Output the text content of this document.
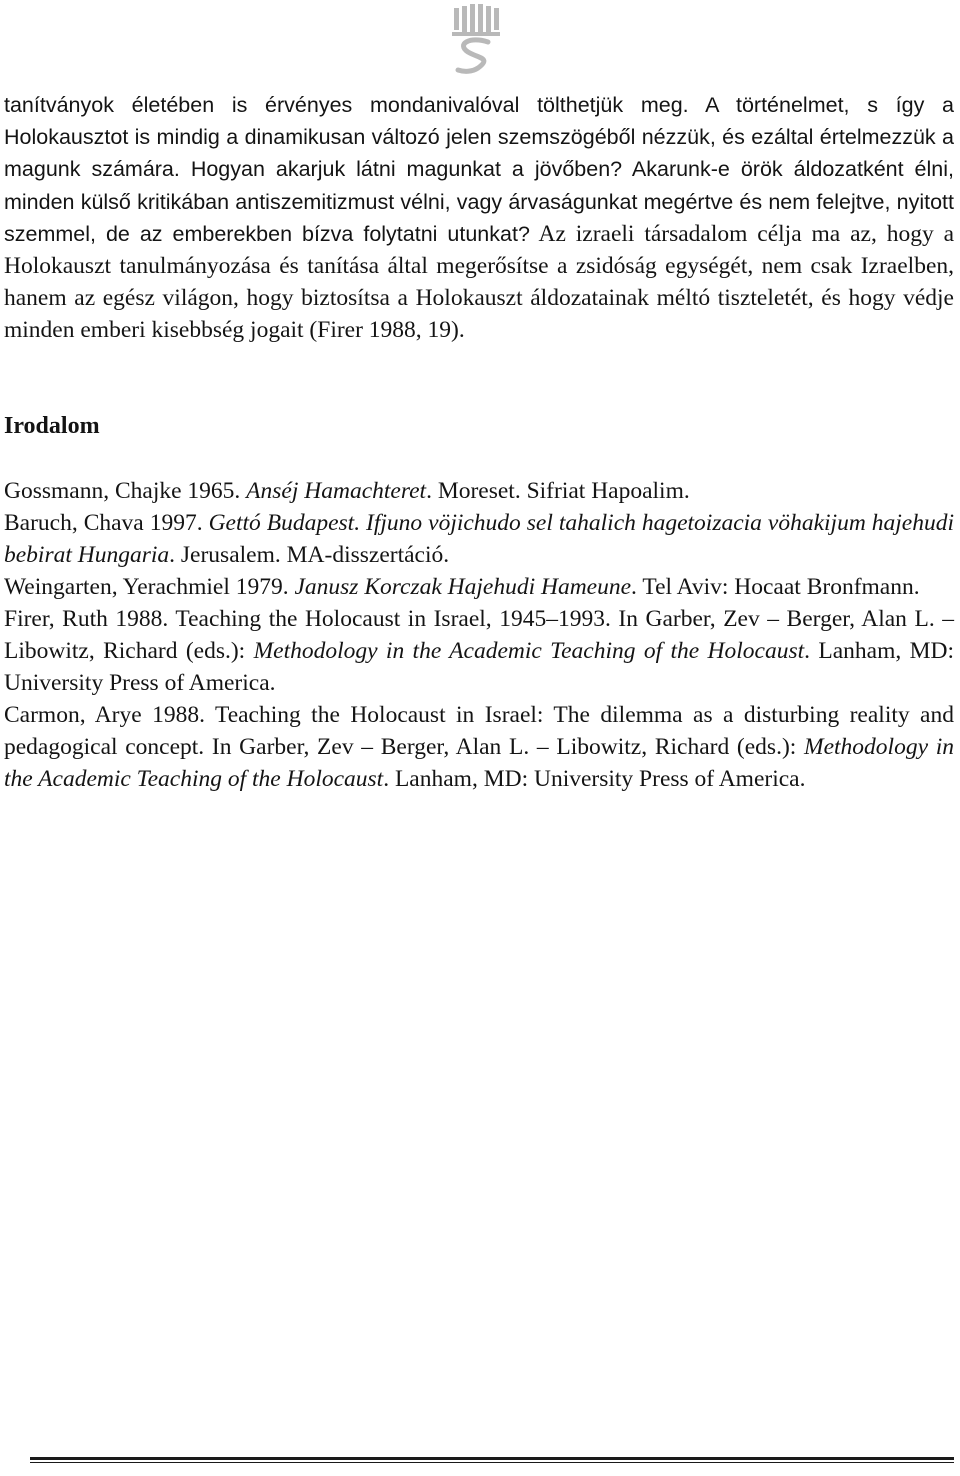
tanítványok életében is érvényes mondanivalóval tölthetjük meg. A történelmet, s így a Holokausztot is mindig a dinamikusan változó jelen szemszögéből nézzük, és ezáltal értelmezzük a magunk számára. Hogyan akarjuk látni magunkat a jövőben? Akarunk-e örök áldozatként élni, minden külső kritikában antiszemitizmust vélni, vagy árvaságunkat megértve és nem felejtve, nyitott szemmel, de az emberekben bízva folytatni utunkat? Az izraeli társadalom célja ma az, hogy a Holokauszt tanulmányozása és tanítása által megerősítse a zsidóság egységét, nem csak Izraelben, hanem az egész világon, hogy biztosítsa a Holokauszt áldozatainak méltó tiszteletét, és hogy védje minden emberi kisebbség jogait (Firer 1988, 19).

Irodalom

Gossmann, Chajke 1965. Anséj Hamachteret. Moreset. Sifriat Hapoalim.

Baruch, Chava 1997. Gettó Budapest. Ifjuno vöjichudo sel tahalich hagetoizacia vöhakijum hajehudi bebirat Hungaria. Jerusalem. MA-disszertáció.

Weingarten, Yerachmiel 1979. Janusz Korczak Hajehudi Hameune. Tel Aviv: Hocaat Bronfmann.

Firer, Ruth 1988. Teaching the Holocaust in Israel, 1945–1993. In Garber, Zev – Berger, Alan L. – Libowitz, Richard (eds.): Methodology in the Academic Teaching of the Holocaust. Lanham, MD: University Press of America.

Carmon, Arye 1988. Teaching the Holocaust in Israel: The dilemma as a disturbing reality and pedagogical concept. In Garber, Zev – Berger, Alan L. – Libowitz, Richard (eds.): Methodology in the Academic Teaching of the Holocaust. Lanham, MD: University Press of America.
